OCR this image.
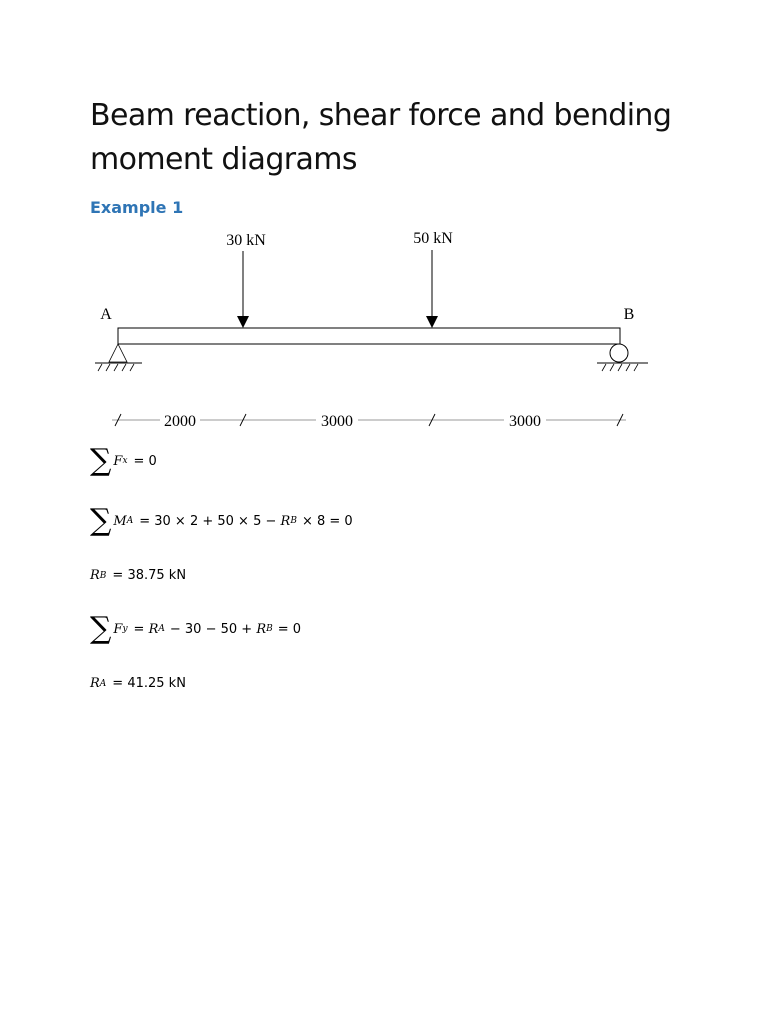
Beam reaction, shear force and bending moment diagrams
Example 1
30 kN	50 kN
A	B
2000	3000	3000
∑ F x = 0
∑ M A = 30 × 2 + 50 × 5 − R B × 8 = 0
R B = 38.75 kN
∑ F y = R A − 30 − 50 + R B = 0
R A = 41.25 kN
